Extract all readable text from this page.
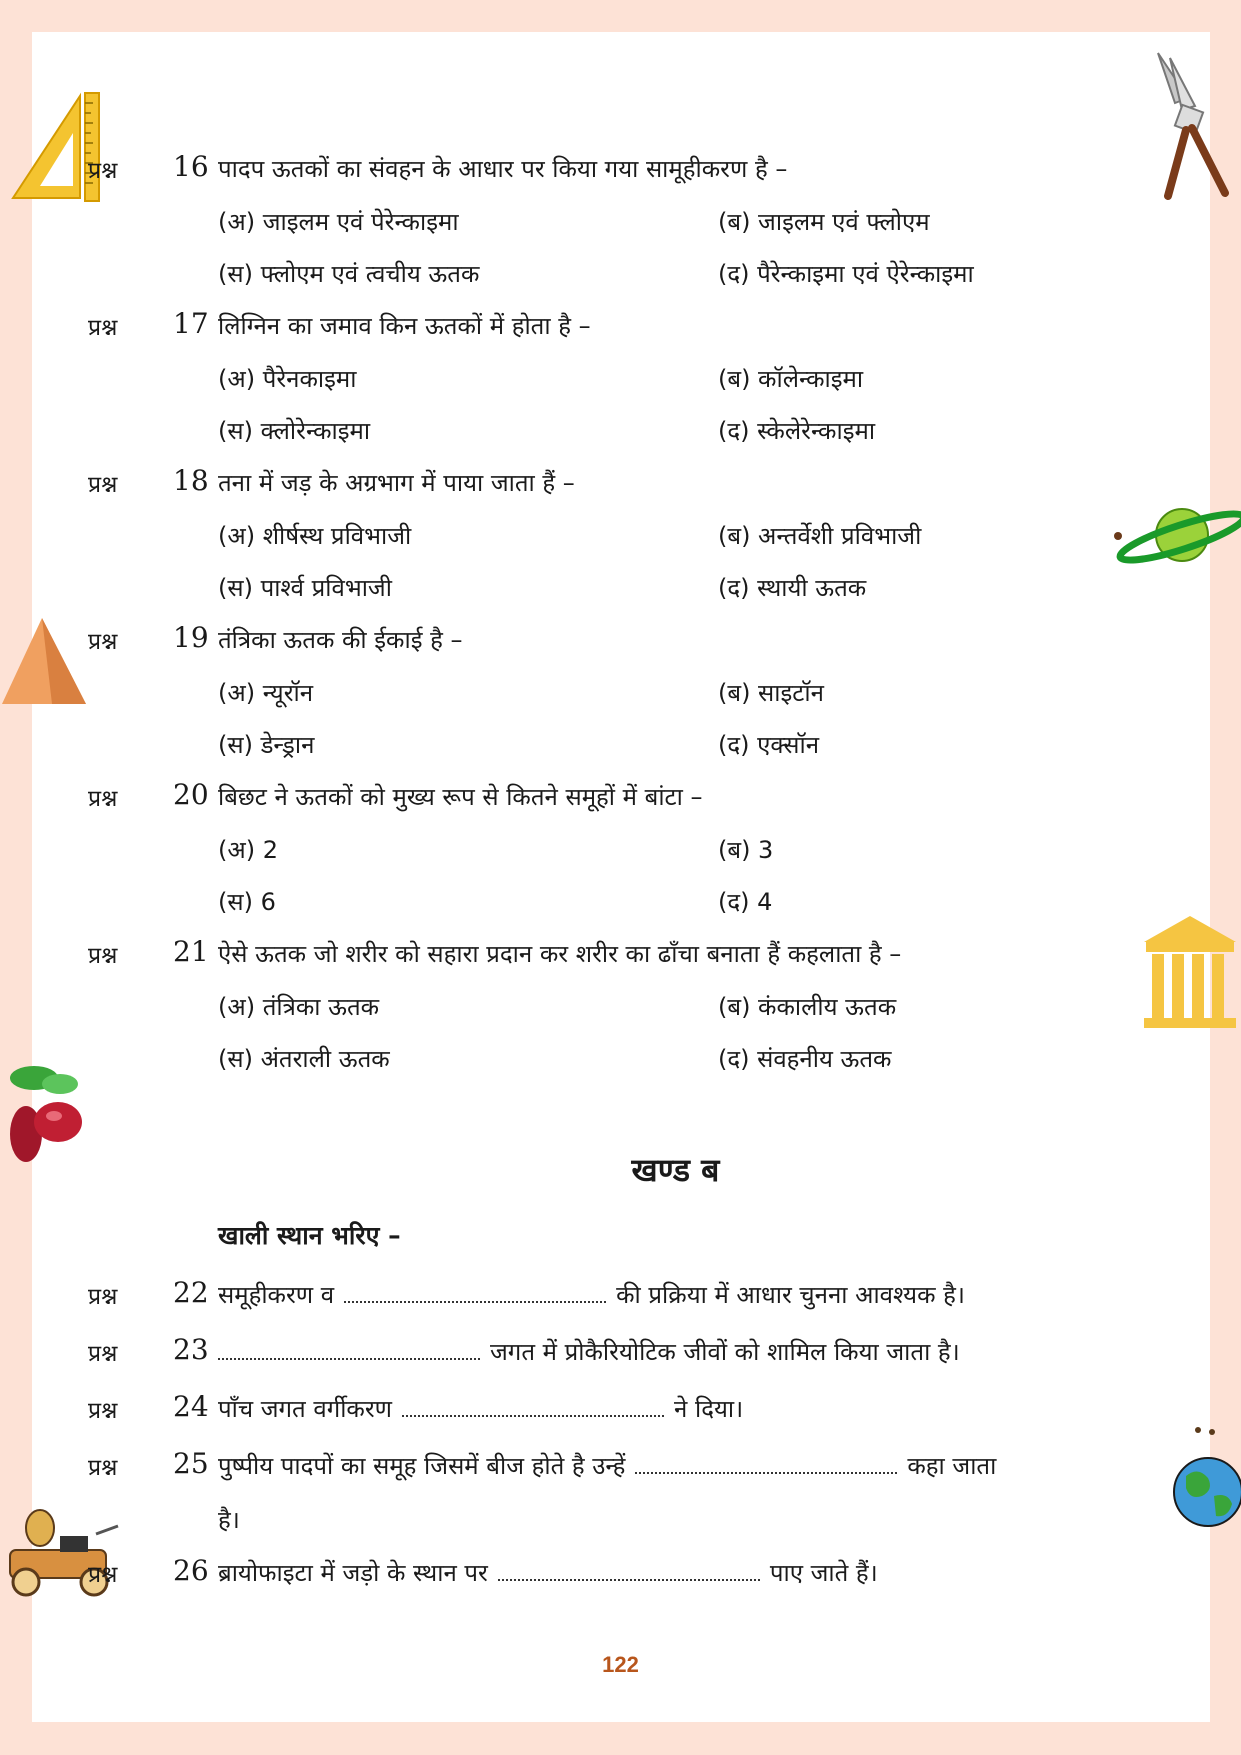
प्रश्न 16 पादप ऊतकों का संवहन के आधार पर किया गया सामूहीकरण है –
(अ) जाइलम एवं पेरेन्काइमा	(ब) जाइलम एवं फ्लोएम
(स) फ्लोएम एवं त्वचीय ऊतक	(द) पैरेन्काइमा एवं ऐरेन्काइमा
प्रश्न 17 लिग्निन का जमाव किन ऊतकों में होता है –
(अ) पैरेनकाइमा	(ब) कॉलेन्काइमा
(स) क्लोरेन्काइमा	(द) स्केलेरेन्काइमा
प्रश्न 18 तना में जड़ के अग्रभाग में पाया जाता हैं –
(अ) शीर्षस्थ प्रविभाजी	(ब) अन्तर्वेशी प्रविभाजी
(स) पार्श्व प्रविभाजी	(द) स्थायी ऊतक
प्रश्न 19 तंत्रिका ऊतक की ईकाई है –
(अ) न्यूरॉन	(ब) साइटॉन
(स) डेन्ड्रान	(द) एक्सॉन
प्रश्न 20 बिछट ने ऊतकों को मुख्य रूप से कितने समूहों में बांटा –
(अ) 2	(ब) 3
(स) 6	(द) 4
प्रश्न 21 ऐसे ऊतक जो शरीर को सहारा प्रदान कर शरीर का ढाँचा बनाता हैं कहलाता है –
(अ) तंत्रिका ऊतक	(ब) कंकालीय ऊतक
(स) अंतराली ऊतक	(द) संवहनीय ऊतक
खण्ड ब
खाली स्थान भरिए –
प्रश्न 22 समूहीकरण व	की प्रक्रिया में आधार चुनना आवश्यक है।
प्रश्न 23	जगत में प्रोकैरियोटिक जीवों को शामिल किया जाता है।
प्रश्न 24 पाँच जगत वर्गीकरण	ने दिया।
प्रश्न 25 पुष्पीय पादपों का समूह जिसमें बीज होते है उन्हें	कहा जाता
है।
प्रश्न 26 ब्रायोफाइटा में जड़ो के स्थान पर	पाए जाते हैं।
122
